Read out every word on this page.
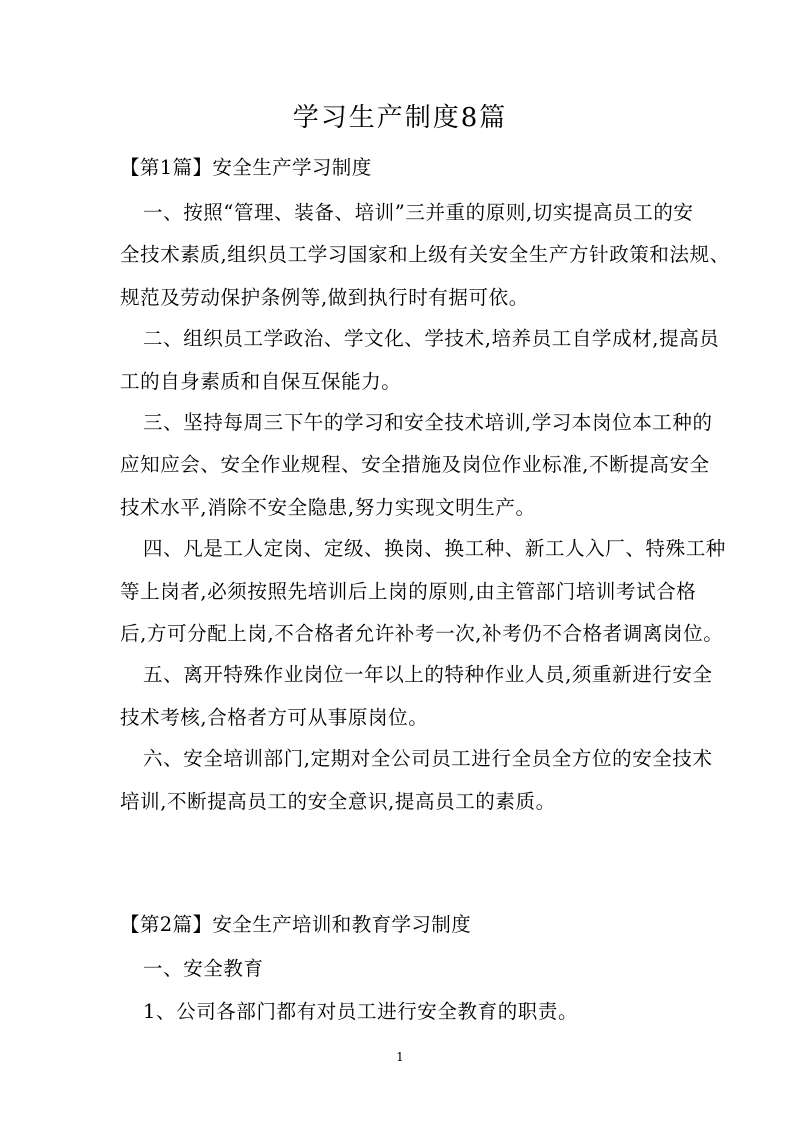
学习生产制度8篇
【第1篇】安全生产学习制度
一、按照“管理、装备、培训”三并重的原则,切实提高员工的安
全技术素质,组织员工学习国家和上级有关安全生产方针政策和法规、
规范及劳动保护条例等,做到执行时有据可依。
二、组织员工学政治、学文化、学技术,培养员工自学成材,提高员
工的自身素质和自保互保能力。
三、坚持每周三下午的学习和安全技术培训,学习本岗位本工种的
应知应会、安全作业规程、安全措施及岗位作业标准,不断提高安全
技术水平,消除不安全隐患,努力实现文明生产。
四、凡是工人定岗、定级、换岗、换工种、新工人入厂、特殊工种
等上岗者,必须按照先培训后上岗的原则,由主管部门培训考试合格
后,方可分配上岗,不合格者允许补考一次,补考仍不合格者调离岗位。
五、离开特殊作业岗位一年以上的特种作业人员,须重新进行安全
技术考核,合格者方可从事原岗位。
六、安全培训部门,定期对全公司员工进行全员全方位的安全技术
培训,不断提高员工的安全意识,提高员工的素质。
【第2篇】安全生产培训和教育学习制度
一、安全教育
1、公司各部门都有对员工进行安全教育的职责。
1
